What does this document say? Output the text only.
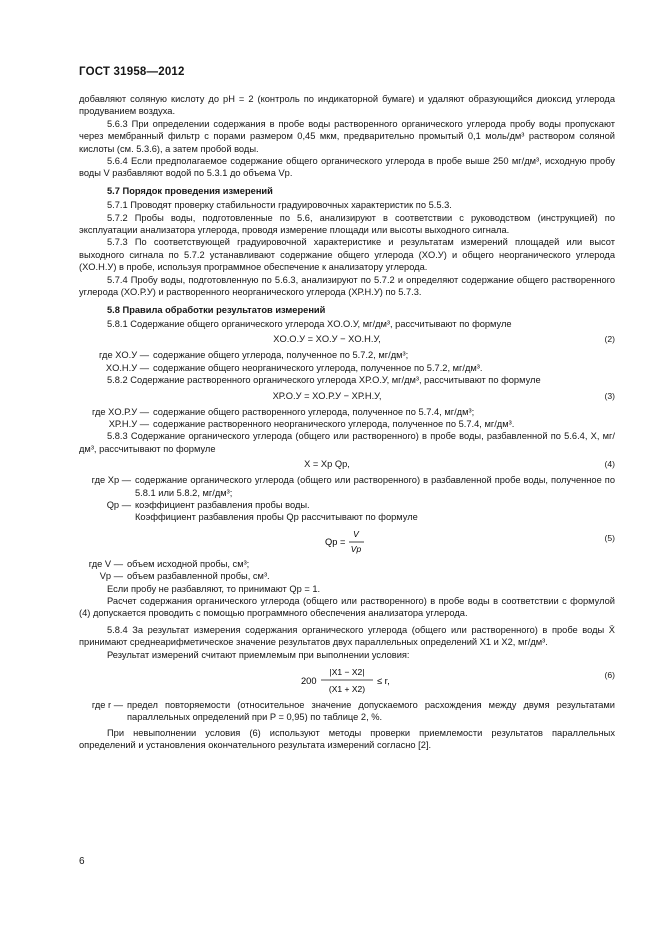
ГОСТ 31958—2012

добавляют соляную кислоту до pH = 2 (контроль по индикаторной бумаге) и удаляют образующийся диоксид углерода продуванием воздуха.

5.6.3 При определении содержания в пробе воды растворенного органического углерода пробу воды пропускают через мембранный фильтр с порами размером 0,45 мкм, предварительно промытый 0,1 моль/дм³ раствором соляной кислоты (см. 5.3.6), а затем пробой воды.

5.6.4 Если предполагаемое содержание общего органического углерода в пробе выше 250 мг/дм³, исходную пробу воды V разбавляют водой по 5.3.1 до объема Vр.

5.7 Порядок проведения измерений

5.7.1 Проводят проверку стабильности градуировочных характеристик по 5.5.3.

5.7.2 Пробы воды, подготовленные по 5.6, анализируют в соответствии с руководством (инструкцией) по эксплуатации анализатора углерода, проводя измерение площади или высоты выходного сигнала.

5.7.3 По соответствующей градуировочной характеристике и результатам измерений площадей или высот выходного сигнала по 5.7.2 устанавливают содержание общего углерода (XО.У) и общего неорганического углерода (XО.Н.У) в пробе, используя программное обеспечение к анализатору углерода.

5.7.4 Пробу воды, подготовленную по 5.6.3, анализируют по 5.7.2 и определяют содержание общего растворенного углерода (XО.Р.У) и растворенного неорганического углерода (XР.Н.У) по 5.7.3.

5.8 Правила обработки результатов измерений

5.8.1 Содержание общего органического углерода XО.О.У, мг/дм³, рассчитывают по формуле

XО.О.У = XО.У − XО.Н.У,	(2)
где XО.У — содержание общего углерода, полученное по 5.7.2, мг/дм³;
XО.Н.У — содержание общего неорганического углерода, полученное по 5.7.2, мг/дм³.

5.8.2 Содержание растворенного органического углерода XР.О.У, мг/дм³, рассчитывают по формуле

XР.О.У = XО.Р.У − XР.Н.У,	(3)
где XО.Р.У — содержание общего растворенного углерода, полученное по 5.7.4, мг/дм³;
XР.Н.У — содержание растворенного неорганического углерода, полученное по 5.7.4, мг/дм³.

5.8.3 Содержание органического углерода (общего или растворенного) в пробе воды, разбавленной по 5.6.4, X, мг/дм³, рассчитывают по формуле

X = Xр Qр,	(4)
где Xр — содержание органического углерода (общего или растворенного) в разбавленной пробе воды, полученное по 5.8.1 или 5.8.2, мг/дм³;
Qр — коэффициент разбавления пробы воды.

Коэффициент разбавления пробы Qр рассчитывают по формуле

Qр =
V
Vр
(5)
где V — объем исходной пробы, см³;
Vр — объем разбавленной пробы, см³.

Если пробу не разбавляют, то принимают Qр = 1.

Расчет содержания органического углерода (общего или растворенного) в пробе воды в соответствии с формулой (4) допускается проводить с помощью программного обеспечения анализатора углерода.

5.8.4 За результат измерения содержания органического углерода (общего или растворенного) в пробе воды X̄ принимают среднеарифметическое значение результатов двух параллельных определений X1 и X2, мг/дм³.

Результат измерений считают приемлемым при выполнении условия:

200
|X1 − X2|
(X1 + X2)
≤ r,
(6)
где r — предел повторяемости (относительное значение допускаемого расхождения между двумя результатами параллельных определений при P = 0,95) по таблице 2, %.

При невыполнении условия (6) используют методы проверки приемлемости результатов параллельных определений и установления окончательного результата измерений согласно [2].

6
